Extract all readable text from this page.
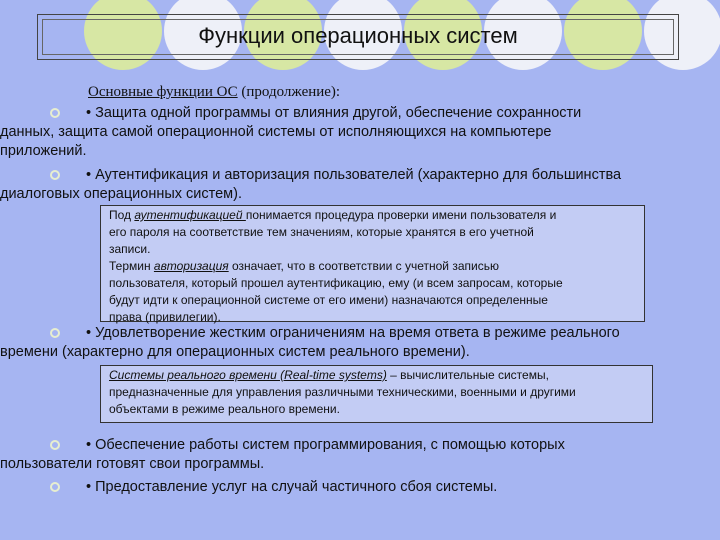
Функции операционных систем
Основные функции ОС (продолжение):
• Защита одной программы от влияния другой, обеспечение сохранности
данных, защита самой операционной системы от исполняющихся на компьютере
приложений.
• Аутентификация и авторизация пользователей (характерно для большинства
диалоговых операционных систем).
Под аутентификацией понимается процедура проверки имени пользователя и
его пароля на соответствие тем значениям, которые хранятся в его учетной
записи.
Термин авторизация означает, что в соответствии с учетной записью
пользователя, который прошел аутентификацию, ему (и всем запросам, которые
будут идти к операционной системе от его имени) назначаются определенные
права (привилегии).
• Удовлетворение жестким ограничениям на время ответа в режиме реального
времени (характерно для операционных систем реального времени).
Системы реального времени (Real-time systems) – вычислительные системы,
предназначенные для управления различными техническими, военными и другими
объектами в режиме реального времени.
• Обеспечение работы систем программирования, с помощью которых
пользователи готовят свои программы.
• Предоставление услуг на случай частичного сбоя системы.
